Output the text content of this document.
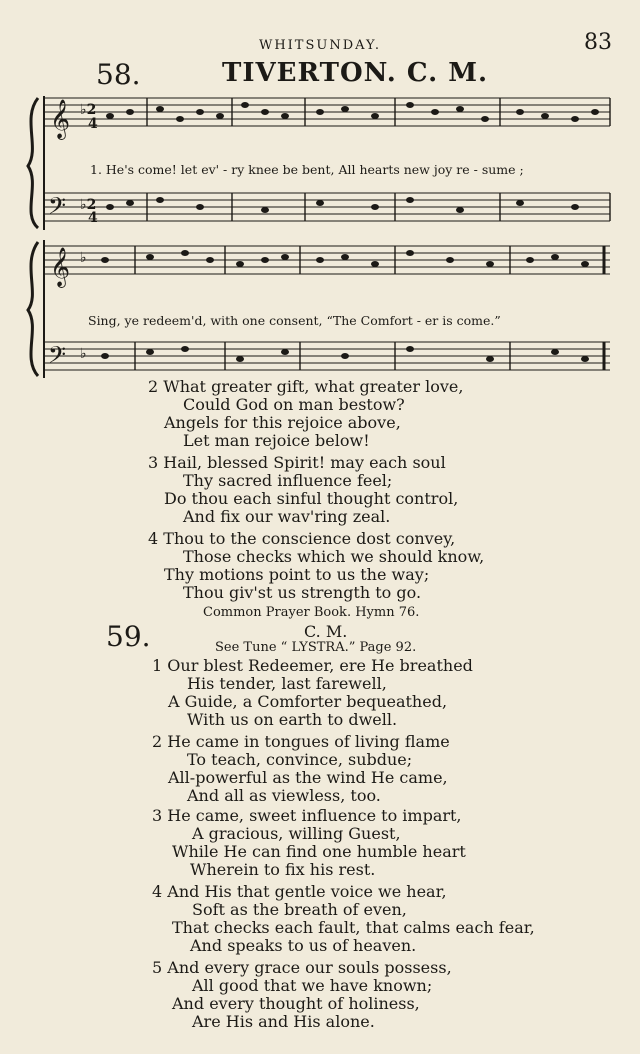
WHITSUNDAY.	83
58.	TIVERTON. C. M.
𝄞
𝄢
♭2
4
♭2
4
1. He's come! let ev' - ry knee be bent, All hearts new joy re - sume ;
𝄞
𝄢
♭
♭
Sing, ye redeem'd, with one consent, “The Comfort - er is come.”
2 What greater gift, what greater love,
Could God on man bestow?
Angels for this rejoice above,
Let man rejoice below!
3 Hail, blessed Spirit! may each soul
Thy sacred influence feel;
Do thou each sinful thought control,
And fix our wav'ring zeal.
4 Thou to the conscience dost convey,
Those checks which we should know,
Thy motions point to us the way;
Thou giv'st us strength to go.
Common Prayer Book. Hymn 76.
59.	C. M.
See Tune “ LYSTRA.” Page 92.
1 Our blest Redeemer, ere He breathed
His tender, last farewell,
A Guide, a Comforter bequeathed,
With us on earth to dwell.
2 He came in tongues of living flame
To teach, convince, subdue;
All-powerful as the wind He came,
And all as viewless, too.
3 He came, sweet influence to impart,
A gracious, willing Guest,
While He can find one humble heart
Wherein to fix his rest.
4 And His that gentle voice we hear,
Soft as the breath of even,
That checks each fault, that calms each fear,
And speaks to us of heaven.
5 And every grace our souls possess,
All good that we have known;
And every thought of holiness,
Are His and His alone.
